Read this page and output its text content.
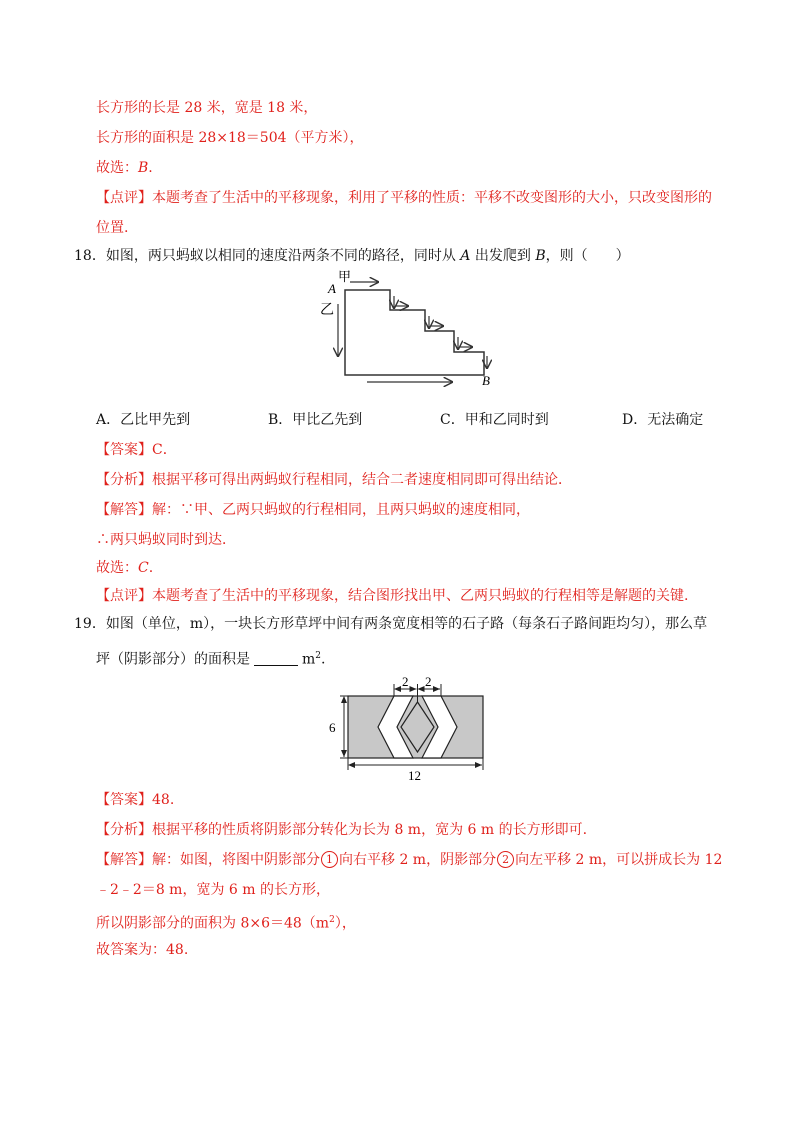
长方形的长是 28 米，宽是 18 米，
长方形的面积是 28×18＝504（平方米），
故选：B.
【点评】本题考查了生活中的平移现象，利用了平移的性质：平移不改变图形的大小，只改变图形的
位置.
18．如图，两只蚂蚁以相同的速度沿两条不同的路径，同时从 A 出发爬到 B，则（　　）
甲
A
乙
B
A．乙比甲先到	B．甲比乙先到	C．甲和乙同时到	D．无法确定
【答案】C．
【分析】根据平移可得出两蚂蚁行程相同，结合二者速度相同即可得出结论．
【解答】解：∵甲、乙两只蚂蚁的行程相同，且两只蚂蚁的速度相同，
∴两只蚂蚁同时到达．
故选：C.
【点评】本题考查了生活中的平移现象，结合图形找出甲、乙两只蚂蚁的行程相等是解题的关键.
19．如图（单位，m），一块长方形草坪中间有两条宽度相等的石子路（每条石子路间距均匀），那么草
坪（阴影部分）的面积是	$m^2$.
2 2
6
12
【答案】48.
【分析】根据平移的性质将阴影部分转化为长为 8 m，宽为 6 m 的长方形即可.
【解答】解：如图，将图中阴影部分 1 向右平移 2 m，阴影部分 2 向左平移 2 m，可以拼成长为 12
﹣2﹣2＝8 m，宽为 6 m 的长方形，
所以阴影部分的面积为 $8\times 6=48(m^2)$，
故答案为：48.
